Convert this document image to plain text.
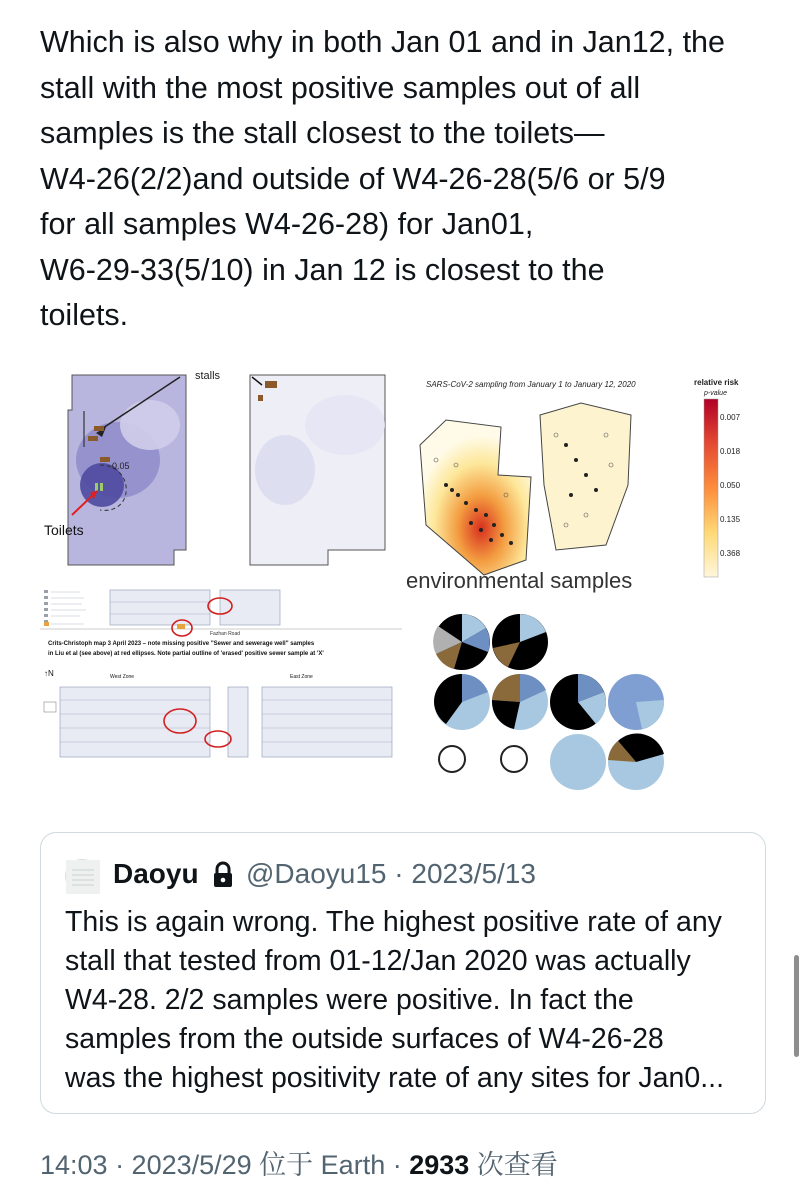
Which is also why in both Jan 01 and in Jan12, the
stall with the most positive samples out of all
samples is the stall closest to the toilets—
W4-26(2/2)and outside of W4-26-28(5/6 or 5/9
for all samples W4-26-28) for Jan01,
W6-29-33(5/10) in Jan 12 is closest to the
toilets.

0.05
Toilets
stalls
SARS-CoV-2 sampling from January 1 to January 12, 2020	relative risk
p-value
0.007
0.018
0.050
0.135
0.368
Fazhan Road
Crits-Christoph map 3 April 2023 – note missing positive "Sewer and sewerage well" samples
in Liu et al (see above) at red ellipses. Note partial outline of 'erased' positive sewer sample at 'X'
West Zone	East Zone
↑N
environmental samples
Daoyu @Daoyu15 · 2023/5/13

This is again wrong. The highest positive rate of any
stall that tested from 01-12/Jan 2020 was actually
W4-28. 2/2 samples were positive. In fact the
samples from the outside surfaces of W4-26-28
was the highest positivity rate of any sites for Jan0...

14:03 · 2023/5/29 位于 Earth · 2933 次查看
